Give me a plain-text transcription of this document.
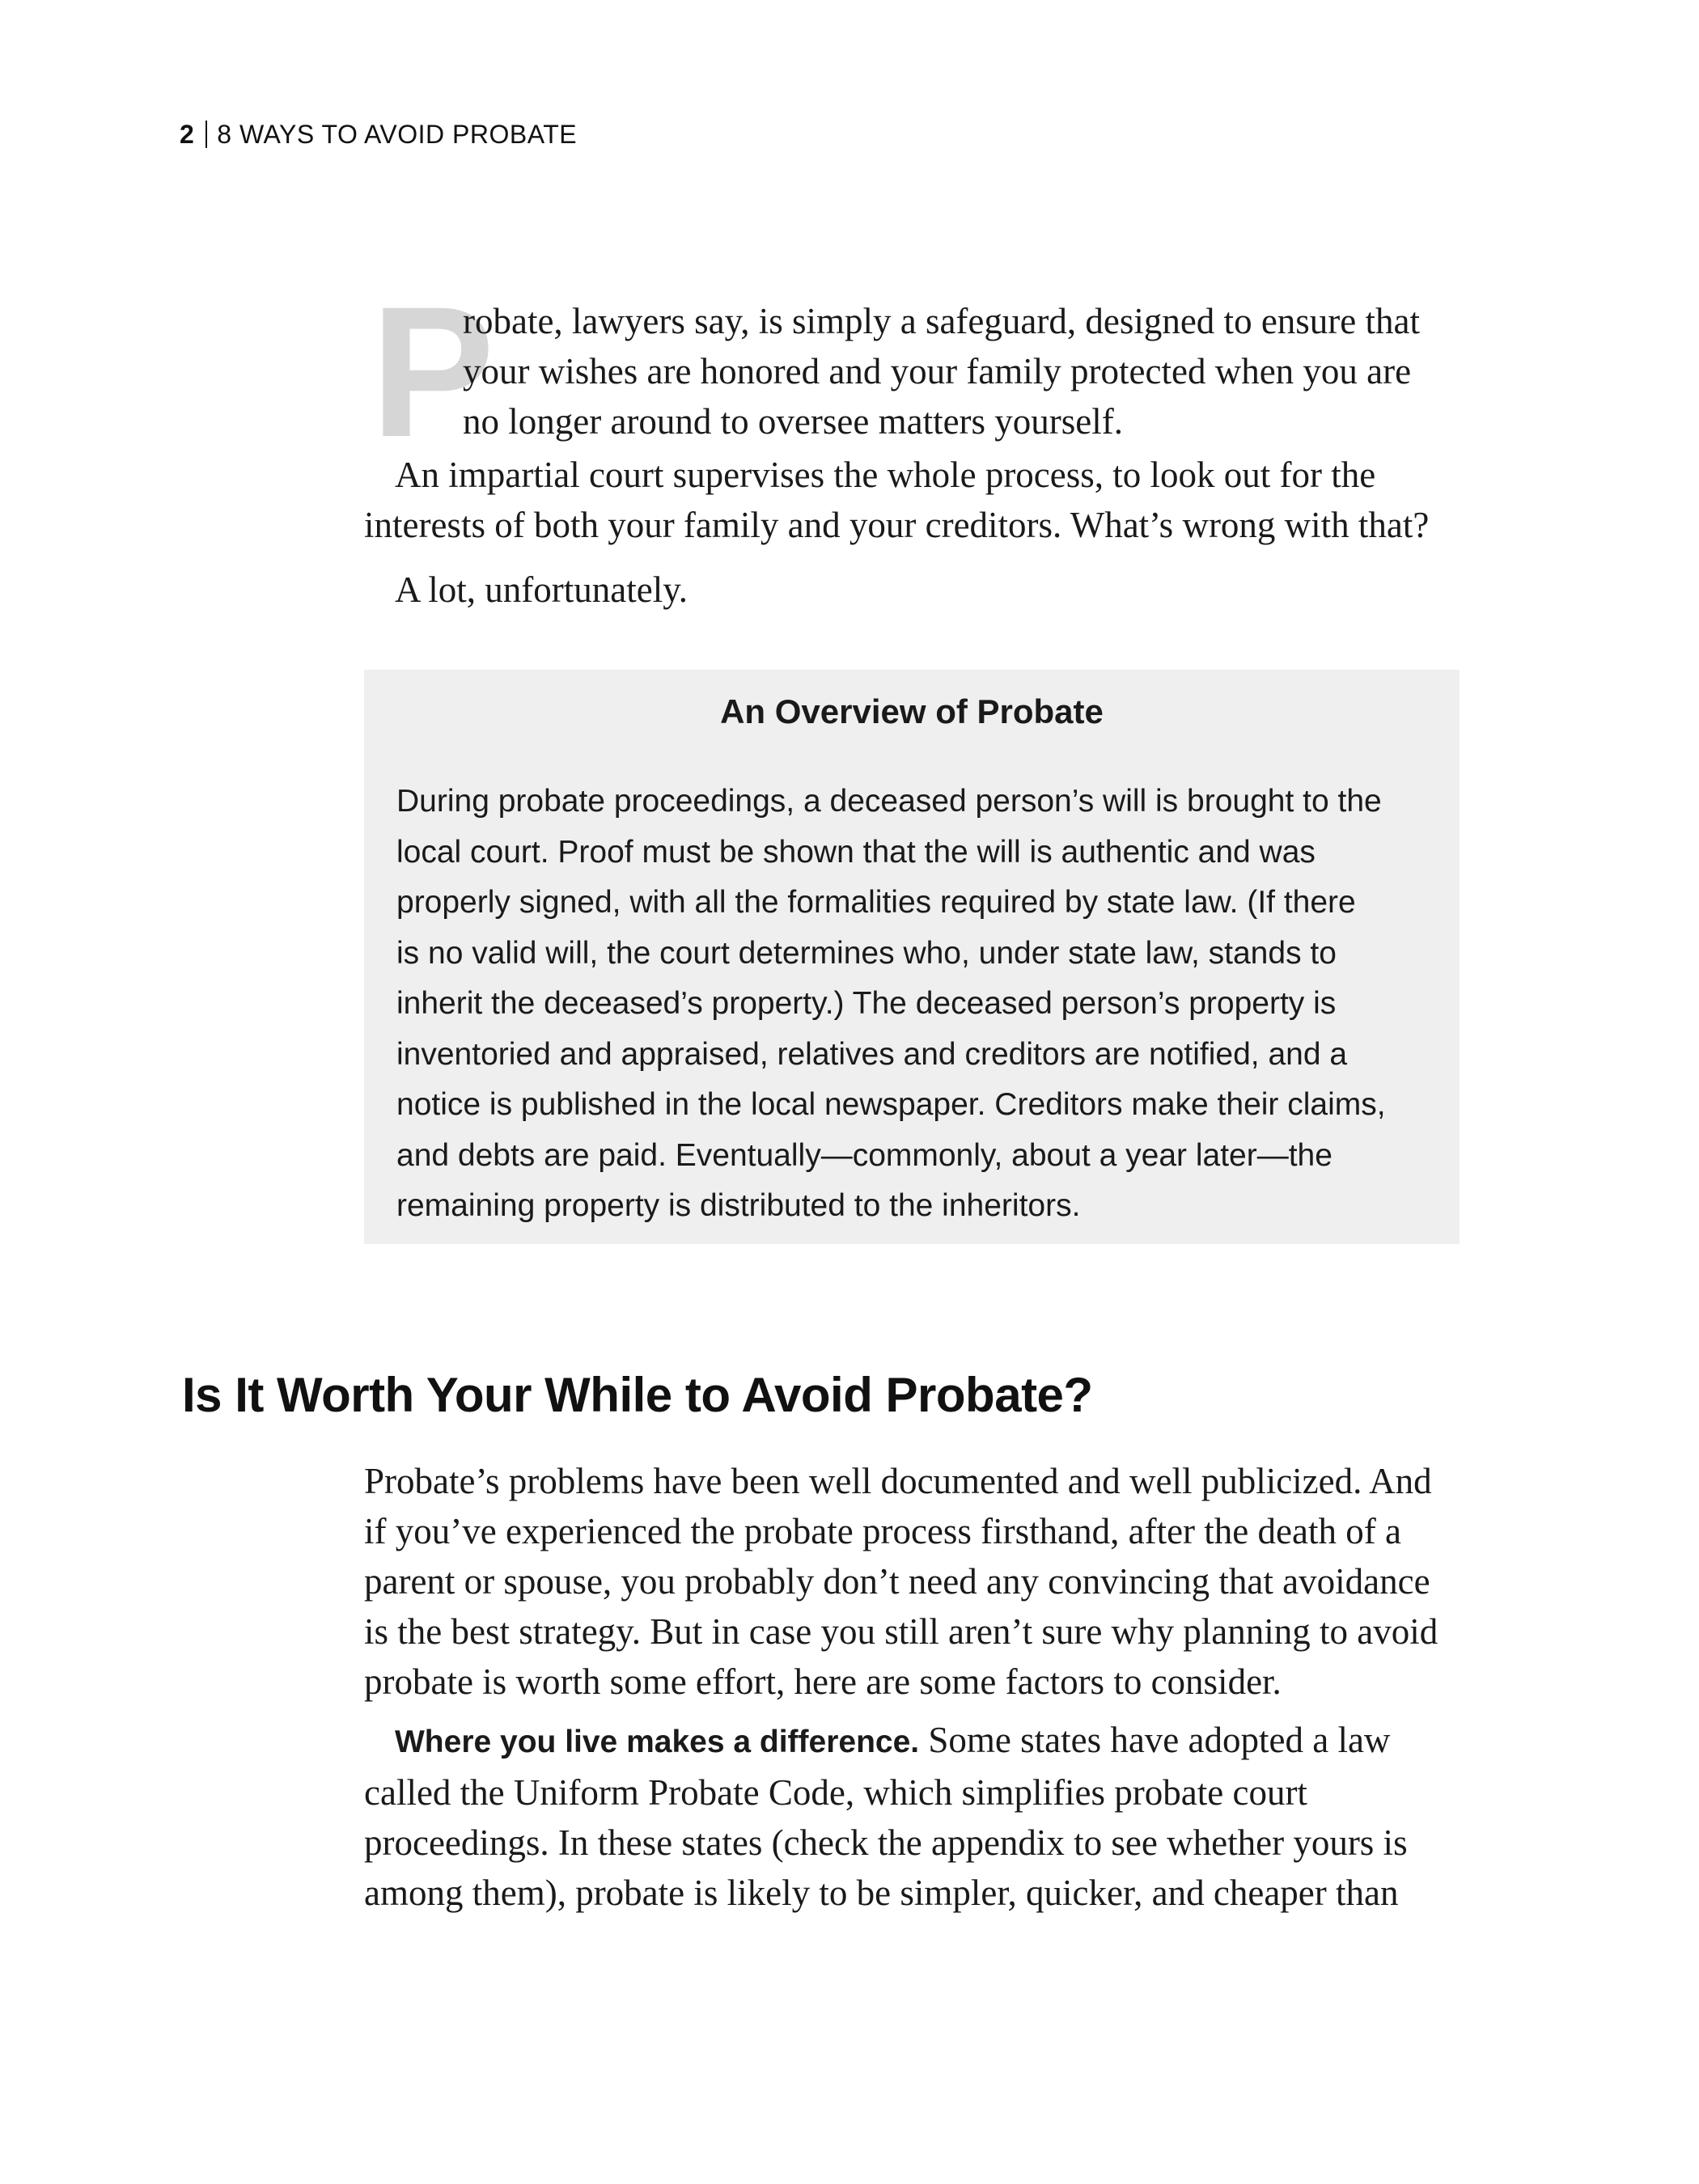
2 8 WAYS TO AVOID PROBATE
P
robate, lawyers say, is simply a safeguard, designed to ensure that
your wishes are honored and your family protected when you are
no longer around to oversee matters yourself.
An impartial court supervises the whole process, to look out for the
interests of both your family and your creditors. What’s wrong with that?
A lot, unfortunately.
An Overview of Probate
During probate proceedings, a deceased person’s will is brought to the
local court. Proof must be shown that the will is authentic and was
properly signed, with all the formalities required by state law. (If there
is no valid will, the court determines who, under state law, stands to
inherit the deceased’s property.) The deceased person’s property is
inventoried and appraised, relatives and creditors are notified, and a
notice is published in the local newspaper. Creditors make their claims,
and debts are paid. Eventually—commonly, about a year later—the
remaining property is distributed to the inheritors.
Is It Worth Your While to Avoid Probate?
Probate’s problems have been well documented and well publicized. And
if you’ve experienced the probate process firsthand, after the death of a
parent or spouse, you probably don’t need any convincing that avoidance
is the best strategy. But in case you still aren’t sure why planning to avoid
probate is worth some effort, here are some factors to consider.
Where you live makes a difference. Some states have adopted a law
called the Uniform Probate Code, which simplifies probate court
proceedings. In these states (check the appendix to see whether yours is
among them), probate is likely to be simpler, quicker, and cheaper than
